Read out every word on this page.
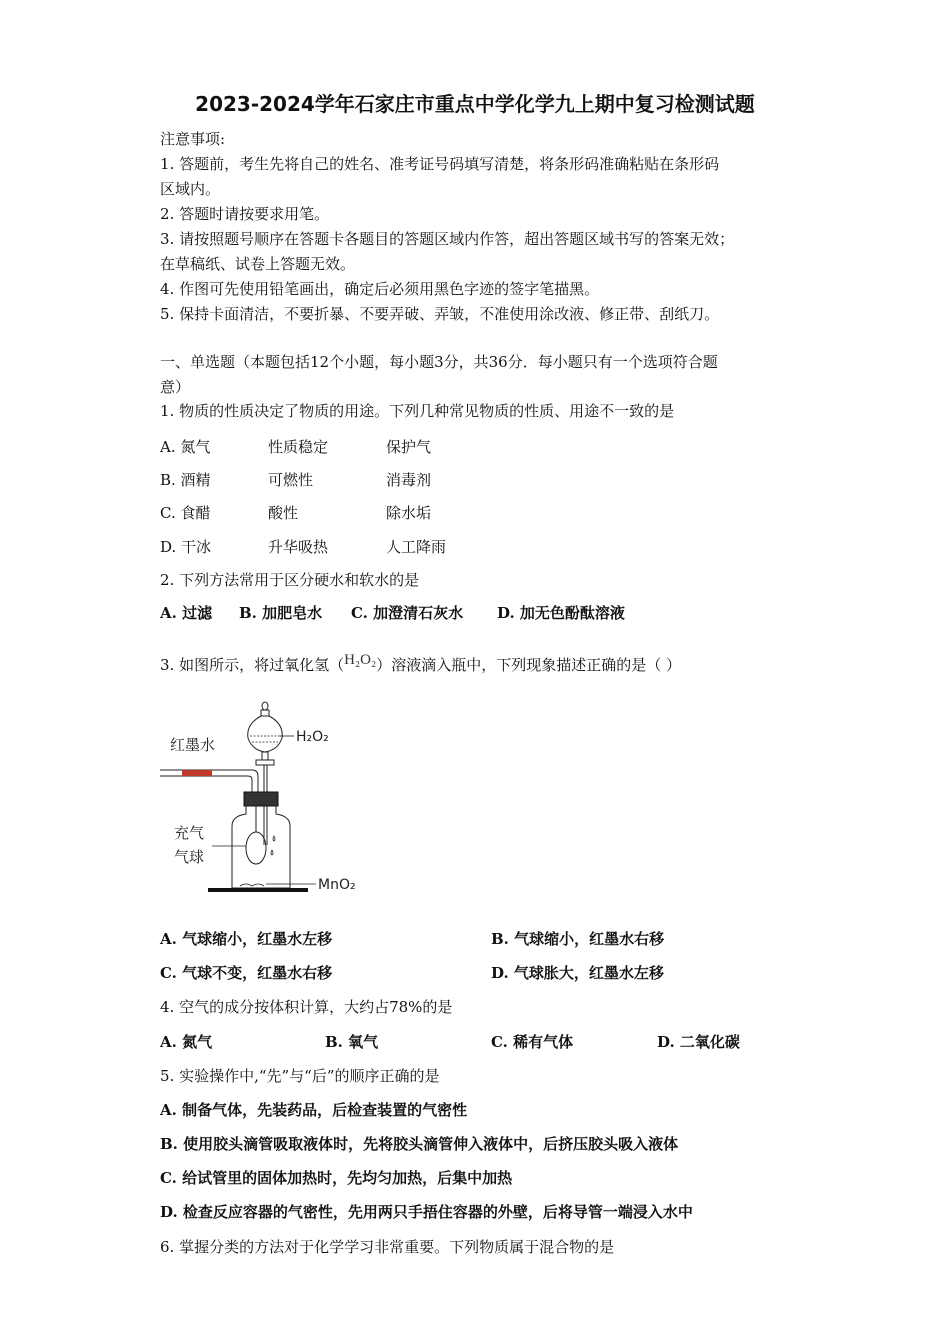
2023-2024学年石家庄市重点中学化学九上期中复习检测试题
注意事项:
1. 答题前，考生先将自己的姓名、准考证号码填写清楚，将条形码准确粘贴在条形码
区域内。
2. 答题时请按要求用笔。
3. 请按照题号顺序在答题卡各题目的答题区域内作答，超出答题区域书写的答案无效；
在草稿纸、试卷上答题无效。
4. 作图可先使用铅笔画出，确定后必须用黑色字迹的签字笔描黑。
5. 保持卡面清洁，不要折暴、不要弄破、弄皱，不准使用涂改液、修正带、刮纸刀。
一、单选题（本题包括12个小题，每小题3分，共36分．每小题只有一个选项符合题
意）
1. 物质的性质决定了物质的用途。下列几种常见物质的性质、用途不一致的是
A. 氮气	性质稳定	保护气
B. 酒精	可燃性	消毒剂
C. 食醋	酸性	除水垢
D. 干冰	升华吸热	人工降雨
2. 下列方法常用于区分硬水和软水的是
A. 过滤 B. 加肥皂水 C. 加澄清石灰水 D. 加无色酚酞溶液
3. 如图所示，将过氧化氢（H₂O₂）溶液滴入瓶中，下列现象描述正确的是（ ）
红墨水	H₂O₂
充气
气球
MnO₂
A. 气球缩小，红墨水左移	B. 气球缩小，红墨水右移
C. 气球不变，红墨水右移	D. 气球胀大，红墨水左移
4. 空气的成分按体积计算，大约占78%的是
A. 氮气	B. 氧气	C. 稀有气体	D. 二氧化碳
5. 实验操作中,“先”与“后”的顺序正确的是
A. 制备气体，先装药品，后检查装置的气密性
B. 使用胶头滴管吸取液体时，先将胶头滴管伸入液体中，后挤压胶头吸入液体
C. 给试管里的固体加热时，先均匀加热，后集中加热
D. 检查反应容器的气密性，先用两只手捂住容器的外壁，后将导管一端浸入水中
6. 掌握分类的方法对于化学学习非常重要。下列物质属于混合物的是
